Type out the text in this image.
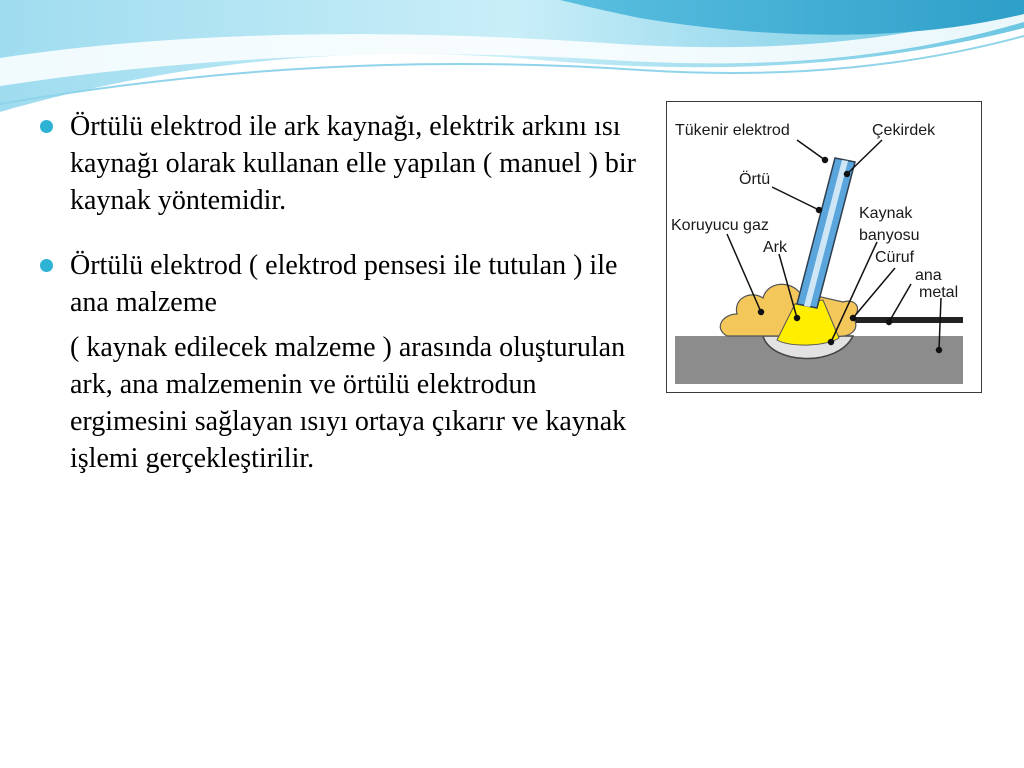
Örtülü elektrod ile ark kaynağı, elektrik arkını ısı kaynağı olarak kullanan elle yapılan ( manuel ) bir kaynak yöntemidir.
Örtülü elektrod ( elektrod pensesi ile tutulan ) ile ana malzeme
( kaynak edilecek malzeme ) arasında oluşturulan ark, ana malzemenin ve örtülü elektrodun ergimesini sağlayan ısıyı ortaya çıkarır ve kaynak işlemi gerçekleştirilir.
Tükenir elektrod	Çekirdek
Örtü
Koruyucu gaz
Kaynak
Ark
banyosu
Cüruf
ana
metal
